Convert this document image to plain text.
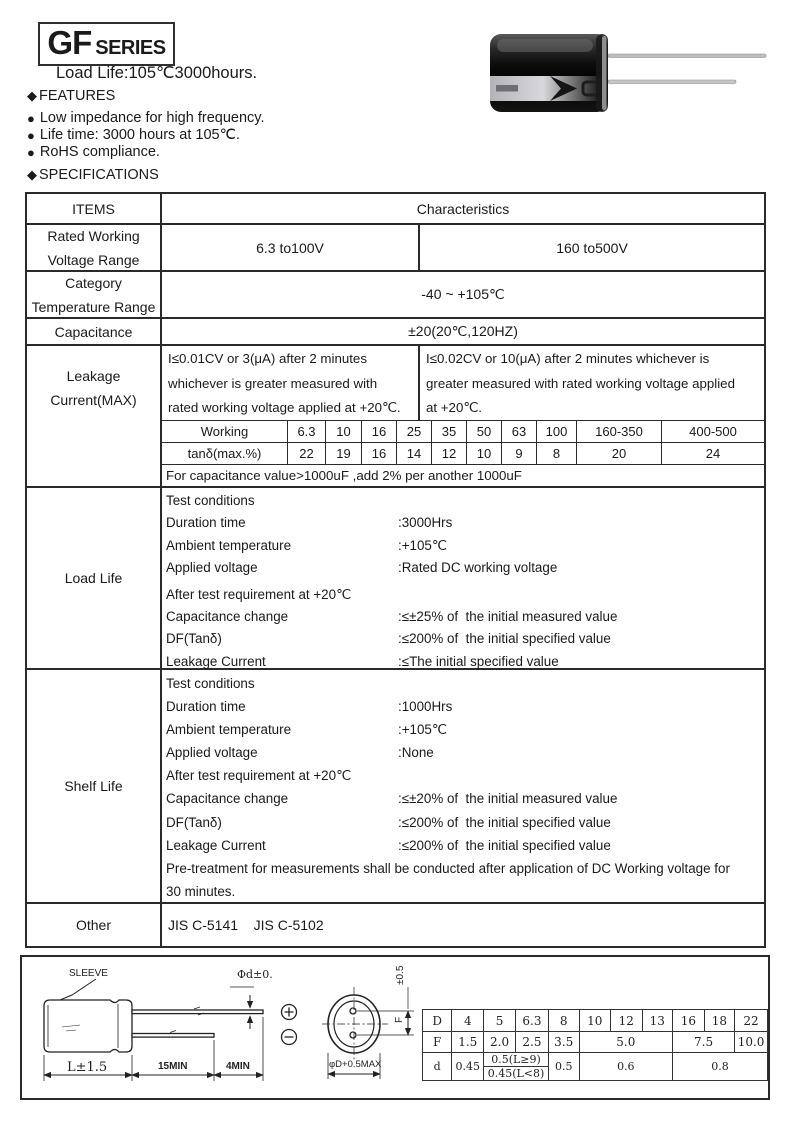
GF SERIES
Load Life:105℃3000hours.
◆ FEATURES
● Low impedance for high frequency.
● Life time: 3000 hours at 105℃.
● RoHS compliance.
◆ SPECIFICATIONS
ITEMS	Characteristics
Rated Working
Voltage Range
6.3 to100V	160 to500V
Category
Temperature Range
-40 ~ +105℃
Capacitance	±20(20℃,120HZ)
Leakage
Current(MAX)
I≤0.01CV or 3(μA) after 2 minutes
whichever is greater measured with
rated working voltage applied at +20℃.
I≤0.02CV or 10(μA) after 2 minutes whichever is
greater measured with rated working voltage applied
at +20℃.
Working	6.3	10	16	25	35	50	63	100	160-350	400-500
tanδ(max.%)	22	19	16	14	12	10	9	8	20	24
For capacitance value>1000uF ,add 2% per another 1000uF
Load Life
Test conditions
Duration time	:3000Hrs
Ambient temperature	:+105℃
Applied voltage	:Rated DC working voltage
After test requirement at +20℃
Capacitance change	:≤±25% of  the initial measured value
DF(Tanδ)	:≤200% of  the initial specified value
Leakage Current	:≤The initial specified value
Shelf Life
Test conditions
Duration time	:1000Hrs
Ambient temperature	:+105℃
Applied voltage	:None
After test requirement at +20℃
Capacitance change	:≤±20% of  the initial measured value
DF(Tanδ)	:≤200% of  the initial specified value
Leakage Current	:≤200% of  the initial specified value
Pre-treatment for measurements shall be conducted after application of DC Working voltage for
30 minutes.
Other	JIS C-5141    JIS C-5102
SLEEVE	Φd±0.
L±1.5	15MIN	4MIN	φD+0.5MAX
F
±0.5
D	4	5	6.3	8	10	12	13	16	18	22
F	1.5	2.0	2.5	3.5	5.0			7.5		10.0
d	0.45	0.5(L≥9)		0.5	0.6			0.8		
		0.45(L<8)								
